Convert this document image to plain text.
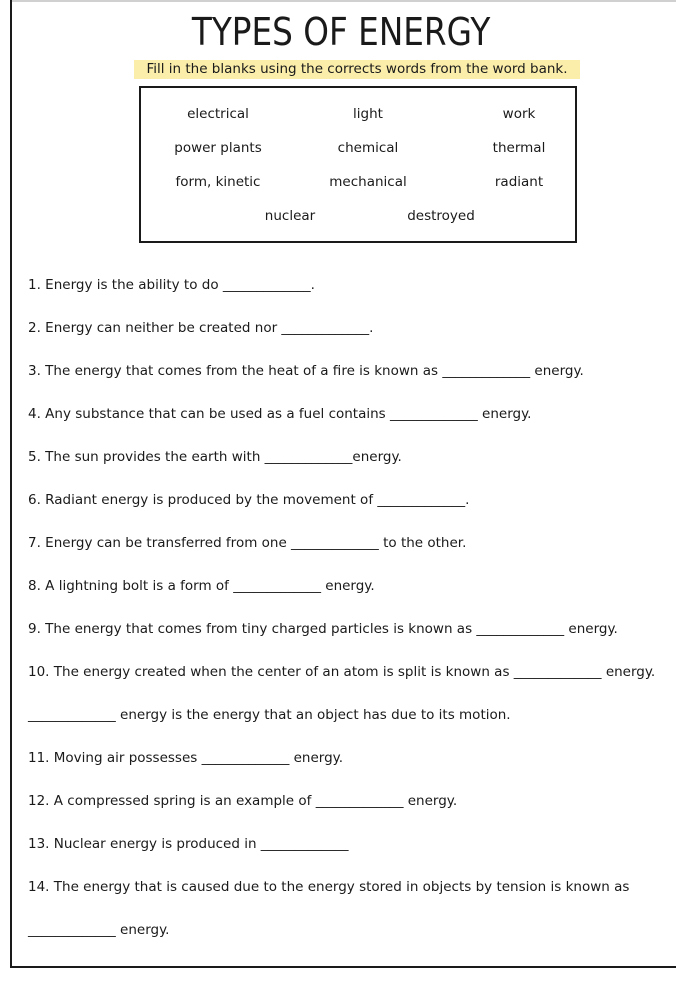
TYPES OF ENERGY
Fill in the blanks using the corrects words from the word bank.
electrical	light	work
power plants	chemical	thermal
form, kinetic	mechanical	radiant
nuclear	destroyed
1. Energy is the ability to do _____________.
2. Energy can neither be created nor _____________.
3. The energy that comes from the heat of a fire is known as _____________ energy.
4. Any substance that can be used as a fuel contains _____________ energy.
5. The sun provides the earth with _____________energy.
6. Radiant energy is produced by the movement of _____________.
7. Energy can be transferred from one _____________ to the other.
8. A lightning bolt is a form of _____________ energy.
9. The energy that comes from tiny charged particles is known as _____________ energy.
10. The energy created when the center of an atom is split is known as _____________ energy.
_____________ energy is the energy that an object has due to its motion.
11. Moving air possesses _____________ energy.
12. A compressed spring is an example of _____________ energy.
13. Nuclear energy is produced in _____________
14. The energy that is caused due to the energy stored in objects by tension is known as
_____________ energy.
